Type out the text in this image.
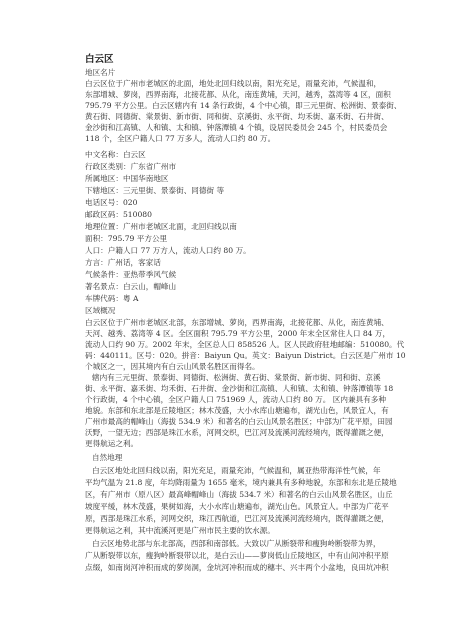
白云区
地区名片
白云区位于广州市老城区的北面，地处北回归线以南，阳光充足，雨量充沛，气候温和，
东部增城、萝岗，西界南海，北接花都、从化，南连黄埔，天河，越秀，荔湾等 4 区，面积
795.79 平方公里。白云区辖内有 14 条行政街，4 个中心镇，即三元里街、松洲街、景泰街、
黄石街、同德街、棠景街、新市街、同和街、京溪街、永平街、均禾街、嘉禾街、石井街、
金沙街和江高镇、人和镇、太和镇、钟落潭镇 4 个镇，设居民委员会 245 个，村民委员会
118 个，全区户籍人口 77 万多人，流动人口约 80 万。
中文名称：白云区
行政区类别：广东省广州市
所属地区：中国华南地区
下辖地区：三元里街、景泰街、同德街 等
电话区号：020
邮政区码：510080
地理位置：广州市老城区北面，北回归线以南
面积：795.79 平方公里
人口：户籍人口 77 万方人，流动人口约 80 万。
方言：广州话，客家话
气候条件：亚热带季风气候
著名景点：白云山，帽峰山
车牌代码：粤 A
区域概况
白云区位于广州市老城区北部，东部增城、萝岗，西界南海，北接花都、从化，南连黄埔、
天河、越秀、荔湾等 4 区。全区面积 795.79 平方公里，2000 年末全区常住人口 84 万，
流动人口约 90 万。2002 年末，全区总人口 858526 人。区人民政府驻地邮编：510080。代
码：440111。区号：020。拼音：Baiyun Qu。英文：Baiyun District。白云区是广州市 10
个城区之一，因其境内有白云山风景名胜区而得名。
辖内有三元里街、景泰街、同德街、松洲街、黄石街、棠景街、新市街、同和街、京溪
街、永平街、嘉禾街、均禾街、石井街、金沙街和江高镇、人和镇、太和镇、钟落潭镇等 18
个行政街，4 个中心镇，全区户籍人口 751969 人，流动人口约 80 万。 区内兼具有多种
地貌。东部和东北部是丘陵地区；林木茂盛，大小水库山塘遍布，湖光山色，风景宜人，有
广州市最高的帽峰山（海拔 534.9 米）和著名的白云山风景名胜区；中部为广花平原，田园
沃野，一望无边；西部是珠江水系，河网交织，巴江河及流溪河流经境内，既得灌溉之便，
更得航运之利。
自然地理
白云区地处北回归线以南，阳光充足，雨量充沛，气候温和，属亚热带海洋性气候，年
平均气温为 21.8 度，年均降雨量为 1655 毫米，境内兼具有多种地貌，东部和东北是丘陵地
区，有广州市（原八区）最高峰帽峰山（海拔 534.7 米）和著名的白云山风景名胜区，山丘
坡度平缓，林木茂盛，果树如海，大小水库山塘遍布，湖光山色。风景宜人。中部为广花平
原，西部是珠江水系，河网交织，珠江西航道，巴江河及流溪河流经境内，既得灌溉之便，
更得航运之利，其中流溪河更是广州市民主要的饮水源。
白云区地势北部与东北部高，西部和南部低。大致以广从断裂带和瘦狗岭断裂带为界，
广从断裂带以东，瘦狗岭断裂带以北，是白云山——萝岗低山丘陵地区，中有山间冲积平原
点缀，如南岗河冲积而成的萝岗洞，金坑河冲积而成的穗丰、兴丰两个小盆地，良田坑冲积
